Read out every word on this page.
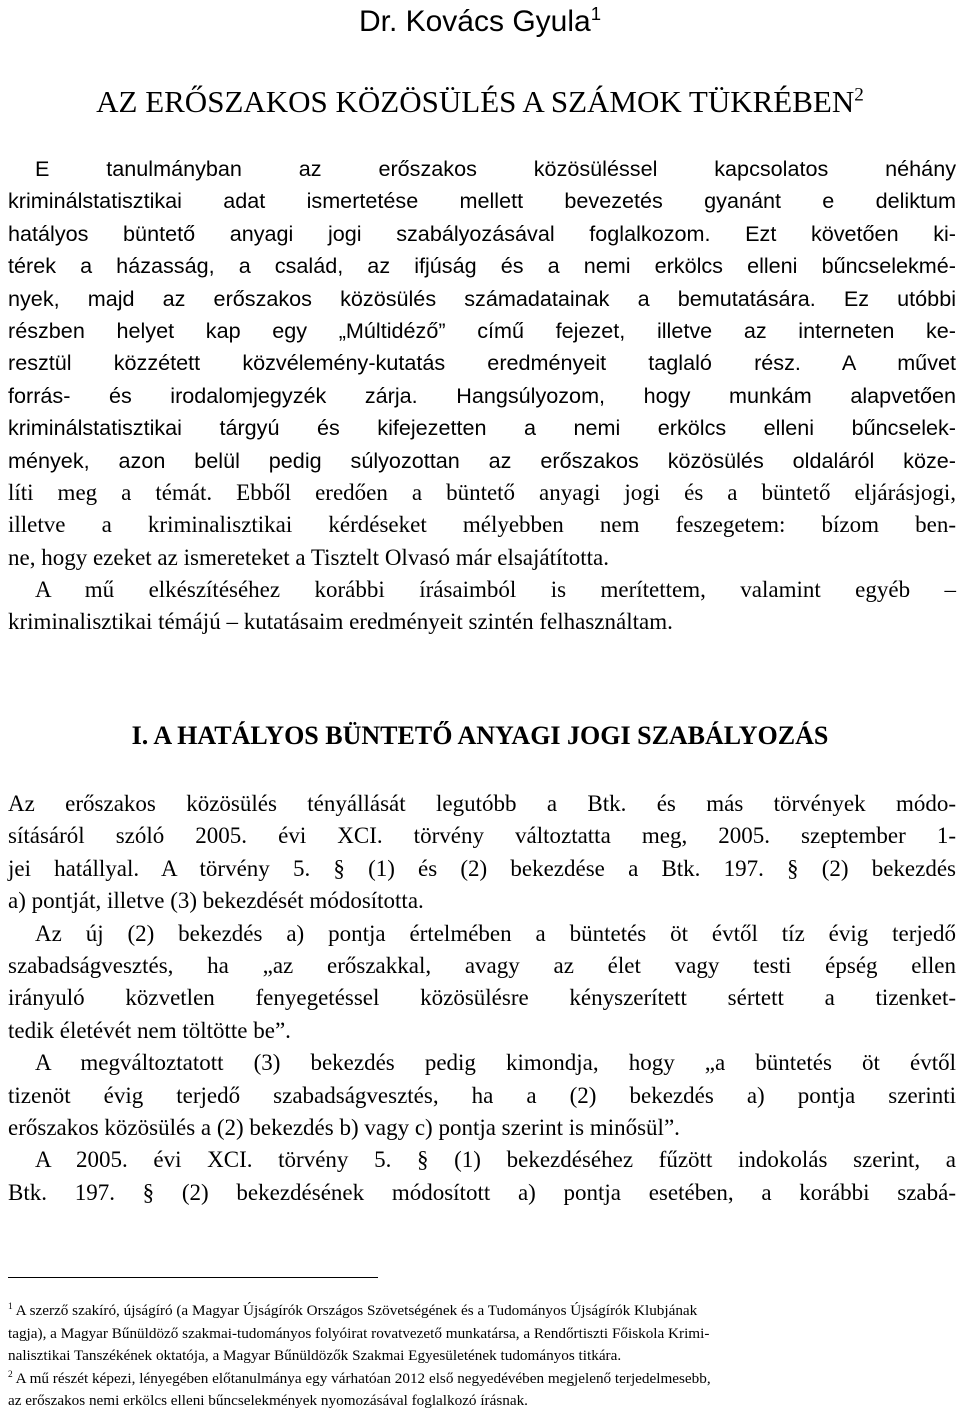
Dr. Kovács Gyula$^1$
AZ ERŐSZAKOS KÖZÖSÜLÉS A SZÁMOK TÜKRÉBEN$^2$
E tanulmányban az erőszakos közösüléssel kapcsolatos néhány
kriminálstatisztikai adat ismertetése mellett bevezetés gyanánt e deliktum
hatályos büntető anyagi jogi szabályozásával foglalkozom. Ezt követően ki-
térek a házasság, a család, az ifjúság és a nemi erkölcs elleni bűncselekmé-
nyek, majd az erőszakos közösülés számadatainak a bemutatására. Ez utóbbi
részben helyet kap egy „Múltidéző” című fejezet, illetve az interneten ke-
resztül közzétett közvélemény-kutatás eredményeit taglaló rész. A művet
forrás- és irodalomjegyzék zárja. Hangsúlyozom, hogy munkám alapvetően
kriminálstatisztikai tárgyú és kifejezetten a nemi erkölcs elleni bűncselek-
mények, azon belül pedig súlyozottan az erőszakos közösülés oldaláról köze-
líti meg a témát. Ebből eredően a büntető anyagi jogi és a büntető eljárásjogi,
illetve a kriminalisztikai kérdéseket mélyebben nem feszegetem: bízom ben-
ne, hogy ezeket az ismereteket a Tisztelt Olvasó már elsajátította.
A mű elkészítéséhez korábbi írásaimból is merítettem, valamint egyéb –
kriminalisztikai témájú – kutatásaim eredményeit szintén felhasználtam.
I. A HATÁLYOS BÜNTETŐ ANYAGI JOGI SZABÁLYOZÁS
Az erőszakos közösülés tényállását legutóbb a Btk. és más törvények módo-
sításáról szóló 2005. évi XCI. törvény változtatta meg, 2005. szeptember 1-
jei hatállyal. A törvény 5. § (1) és (2) bekezdése a Btk. 197. § (2) bekezdés
a) pontját, illetve (3) bekezdését módosította.
Az új (2) bekezdés a) pontja értelmében a büntetés öt évtől tíz évig terjedő
szabadságvesztés, ha „az erőszakkal, avagy az élet vagy testi épség ellen
irányuló közvetlen fenyegetéssel közösülésre kényszerített sértett a tizenket-
tedik életévét nem töltötte be”.
A megváltoztatott (3) bekezdés pedig kimondja, hogy „a büntetés öt évtől
tizenöt évig terjedő szabadságvesztés, ha a (2) bekezdés a) pontja szerinti
erőszakos közösülés a (2) bekezdés b) vagy c) pontja szerint is minősül”.
A 2005. évi XCI. törvény 5. § (1) bekezdéséhez fűzött indokolás szerint, a
Btk. 197. § (2) bekezdésének módosított a) pontja esetében, a korábbi szabá-
$^1$ A szerző szakíró, újságíró (a Magyar Újságírók Országos Szövetségének és a Tudományos Újságírók Klubjának
tagja), a Magyar Bűnüldöző szakmai-tudományos folyóirat rovatvezető munkatársa, a Rendőrtiszti Főiskola Krimi-
nalisztikai Tanszékének oktatója, a Magyar Bűnüldözők Szakmai Egyesületének tudományos titkára.
$^2$ A mű részét képezi, lényegében előtanulmánya egy várhatóan 2012 első negyedévében megjelenő terjedelmesebb,
az erőszakos nemi erkölcs elleni bűncselekmények nyomozásával foglalkozó írásnak.
